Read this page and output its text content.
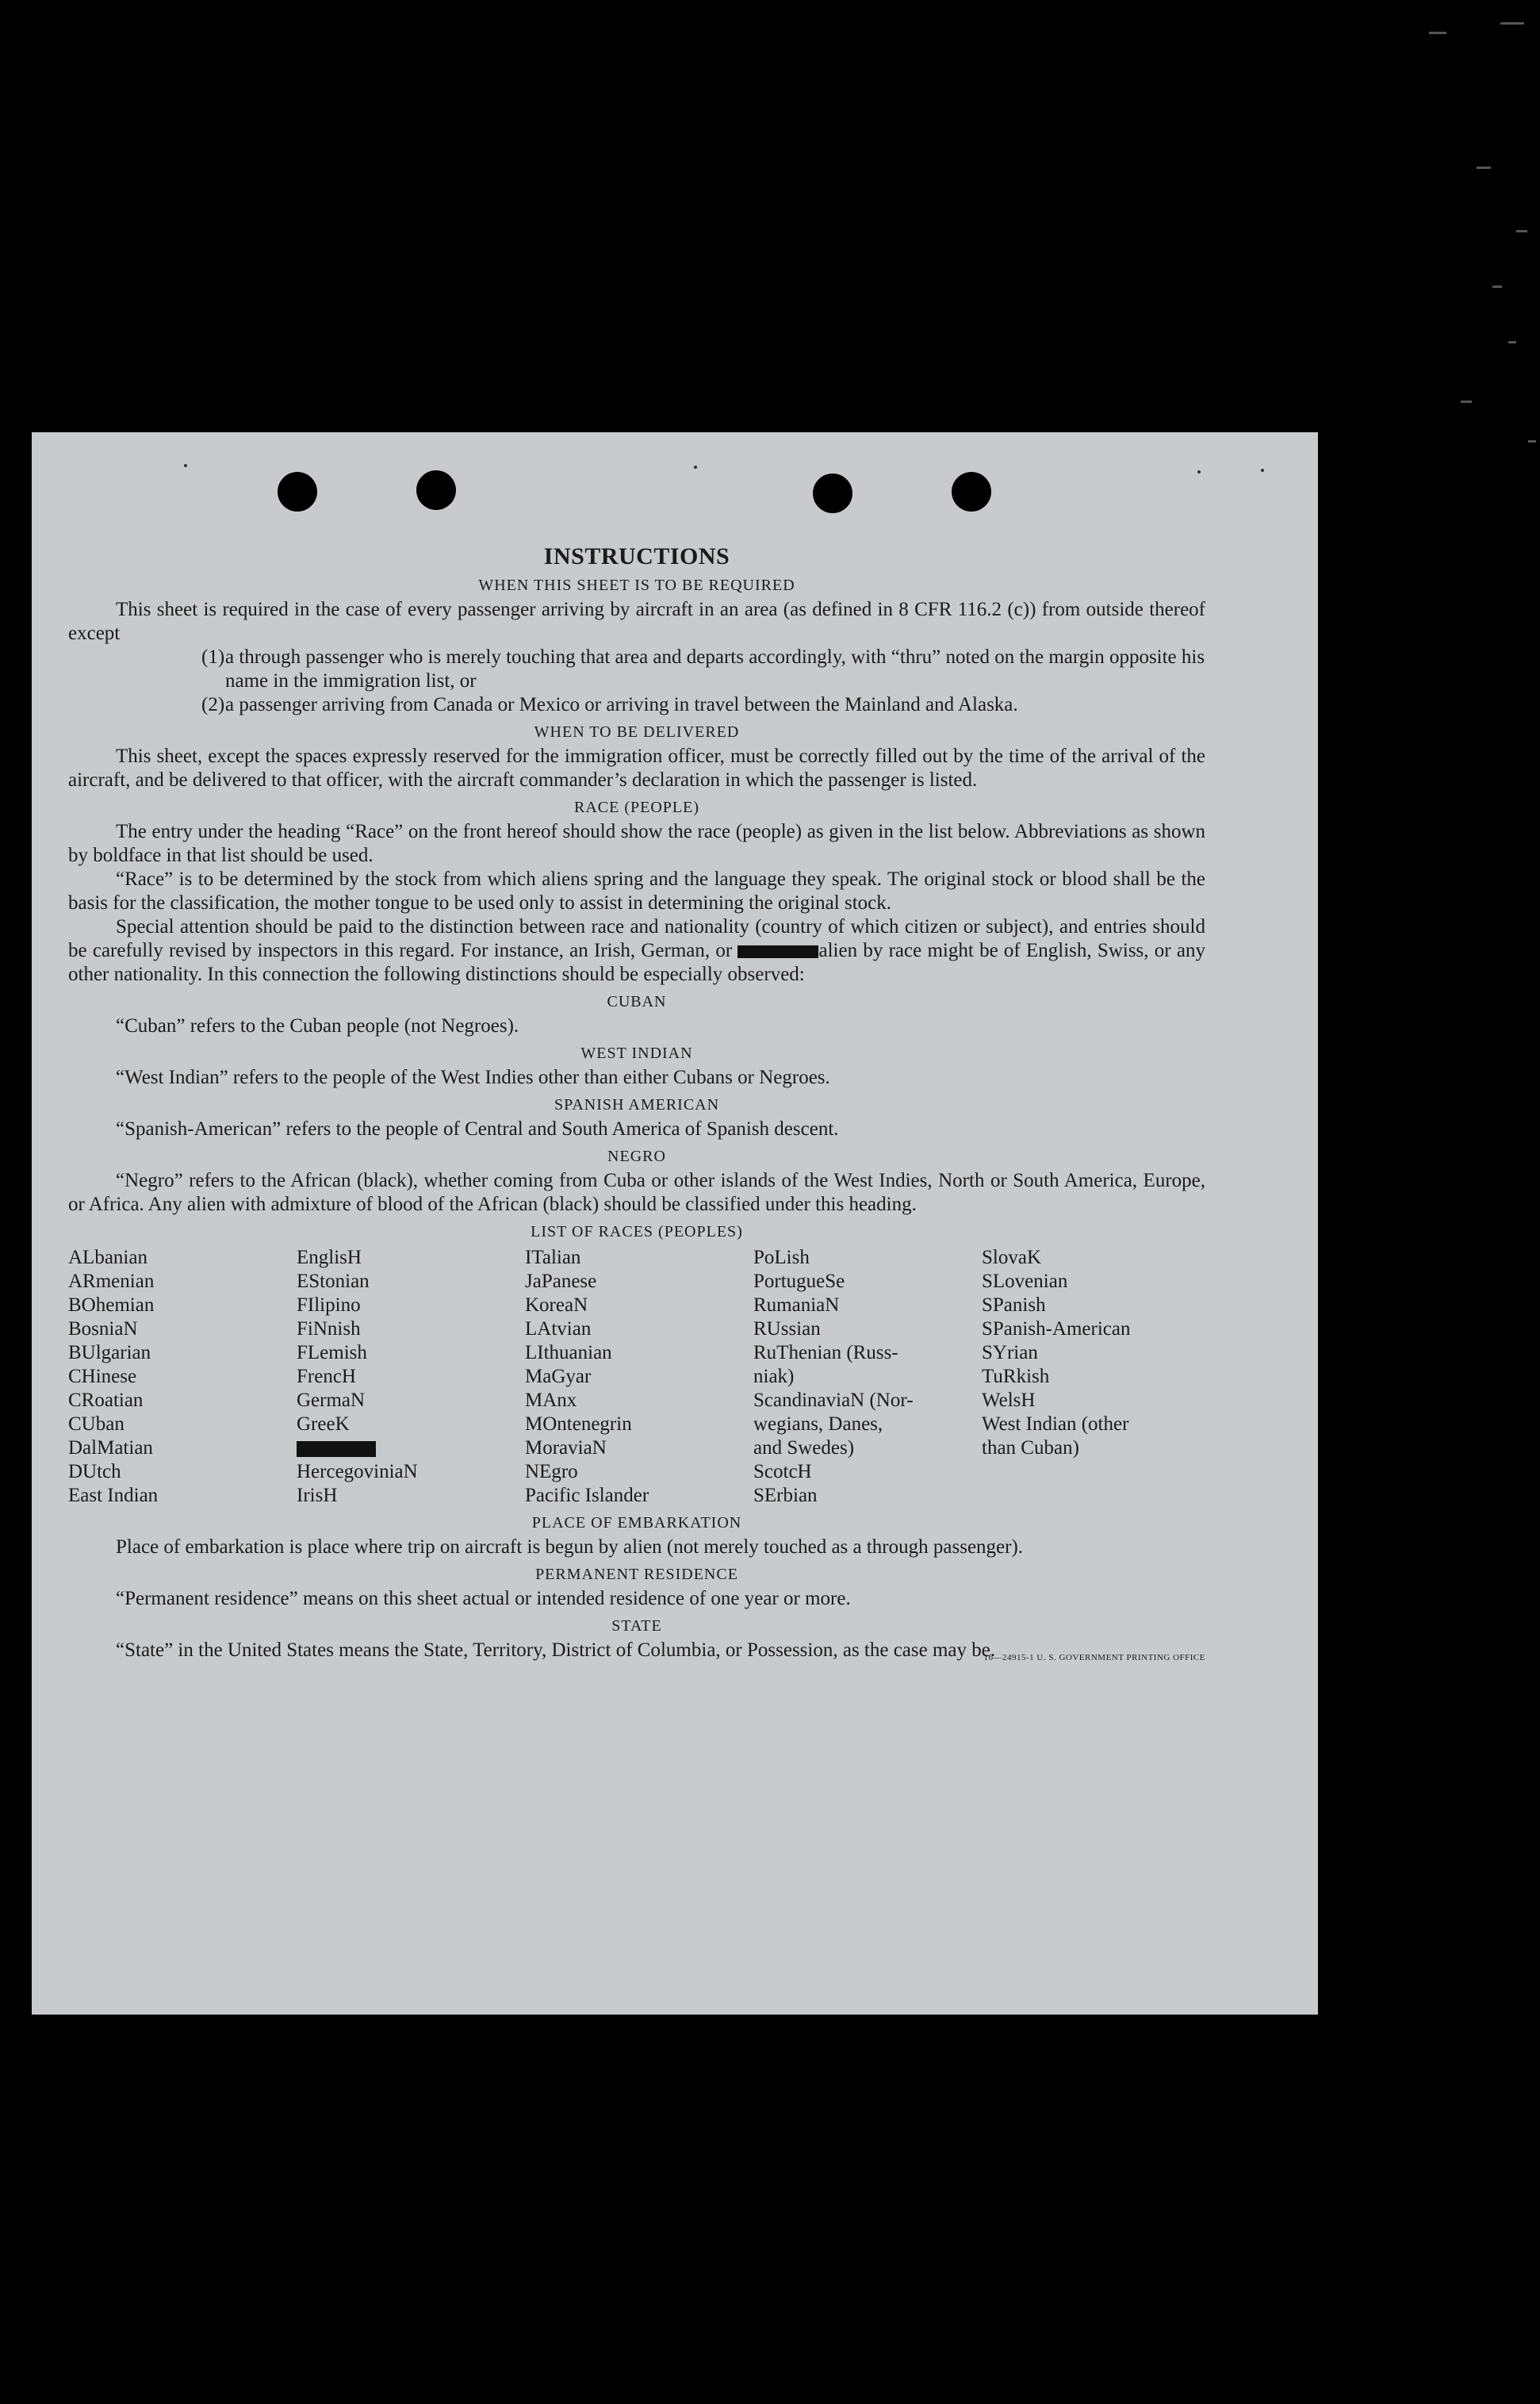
INSTRUCTIONS
WHEN THIS SHEET IS TO BE REQUIRED

This sheet is required in the case of every passenger arriving by aircraft in an area (as defined in 8 CFR 116.2 (c)) from outside thereof except

(1)a through passenger who is merely touching that area and departs accordingly, with “thru” noted on the margin opposite his name in the immigration list, or
(2)a passenger arriving from Canada or Mexico or arriving in travel between the Mainland and Alaska.
WHEN TO BE DELIVERED

This sheet, except the spaces expressly reserved for the immigration officer, must be correctly filled out by the time of the arrival of the aircraft, and be delivered to that officer, with the aircraft commander’s declaration in which the passenger is listed.

RACE (PEOPLE)

The entry under the heading “Race” on the front hereof should show the race (people) as given in the list below. Abbreviations as shown by boldface in that list should be used.

“Race” is to be determined by the stock from which aliens spring and the language they speak. The original stock or blood shall be the basis for the classification, the mother tongue to be used only to assist in determining the original stock.

Special attention should be paid to the distinction between race and nationality (country of which citizen or subject), and entries should be carefully revised by inspectors in this regard. For instance, an Irish, German, or	alien by race might be of English, Swiss, or any other nationality. In this connection the following distinctions should be especially observed:

CUBAN

“Cuban” refers to the Cuban people (not Negroes).

WEST INDIAN

“West Indian” refers to the people of the West Indies other than either Cubans or Negroes.

SPANISH AMERICAN

“Spanish-American” refers to the people of Central and South America of Spanish descent.

NEGRO

“Negro” refers to the African (black), whether coming from Cuba or other islands of the West Indies, North or South America, Europe, or Africa. Any alien with admixture of blood of the African (black) should be classified under this heading.

LIST OF RACES (PEOPLES)
ALbanian
ARmenian
BOhemian
BosniaN
BUlgarian
CHinese
CRoatian
CUban
DalMatian
DUtch
East Indian
EnglisH
EStonian
FIlipino
FiNnish
FLemish
FrencH
GermaN
GreeK
HercegoviniaN
IrisH
ITalian
JaPanese
KoreaN
LAtvian
LIthuanian
MaGyar
MAnx
MOntenegrin
MoraviaN
NEgro
Pacific Islander
PoLish
PortugueSe
RumaniaN
RUssian
RuThenian (Russ-
niak)
ScandinaviaN (Nor-
wegians, Danes,
and Swedes)
ScotcH
SErbian
SlovaK
SLovenian
SPanish
SPanish-American
SYrian
TuRkish
WelsH
West Indian (other
than Cuban)
PLACE OF EMBARKATION

Place of embarkation is place where trip on aircraft is begun by alien (not merely touched as a through passenger).

PERMANENT RESIDENCE

“Permanent residence” means on this sheet actual or intended residence of one year or more.

STATE

“State” in the United States means the State, Territory, District of Columbia, or Possession, as the case may be.

16—24915-1 U. S. GOVERNMENT PRINTING OFFICE
